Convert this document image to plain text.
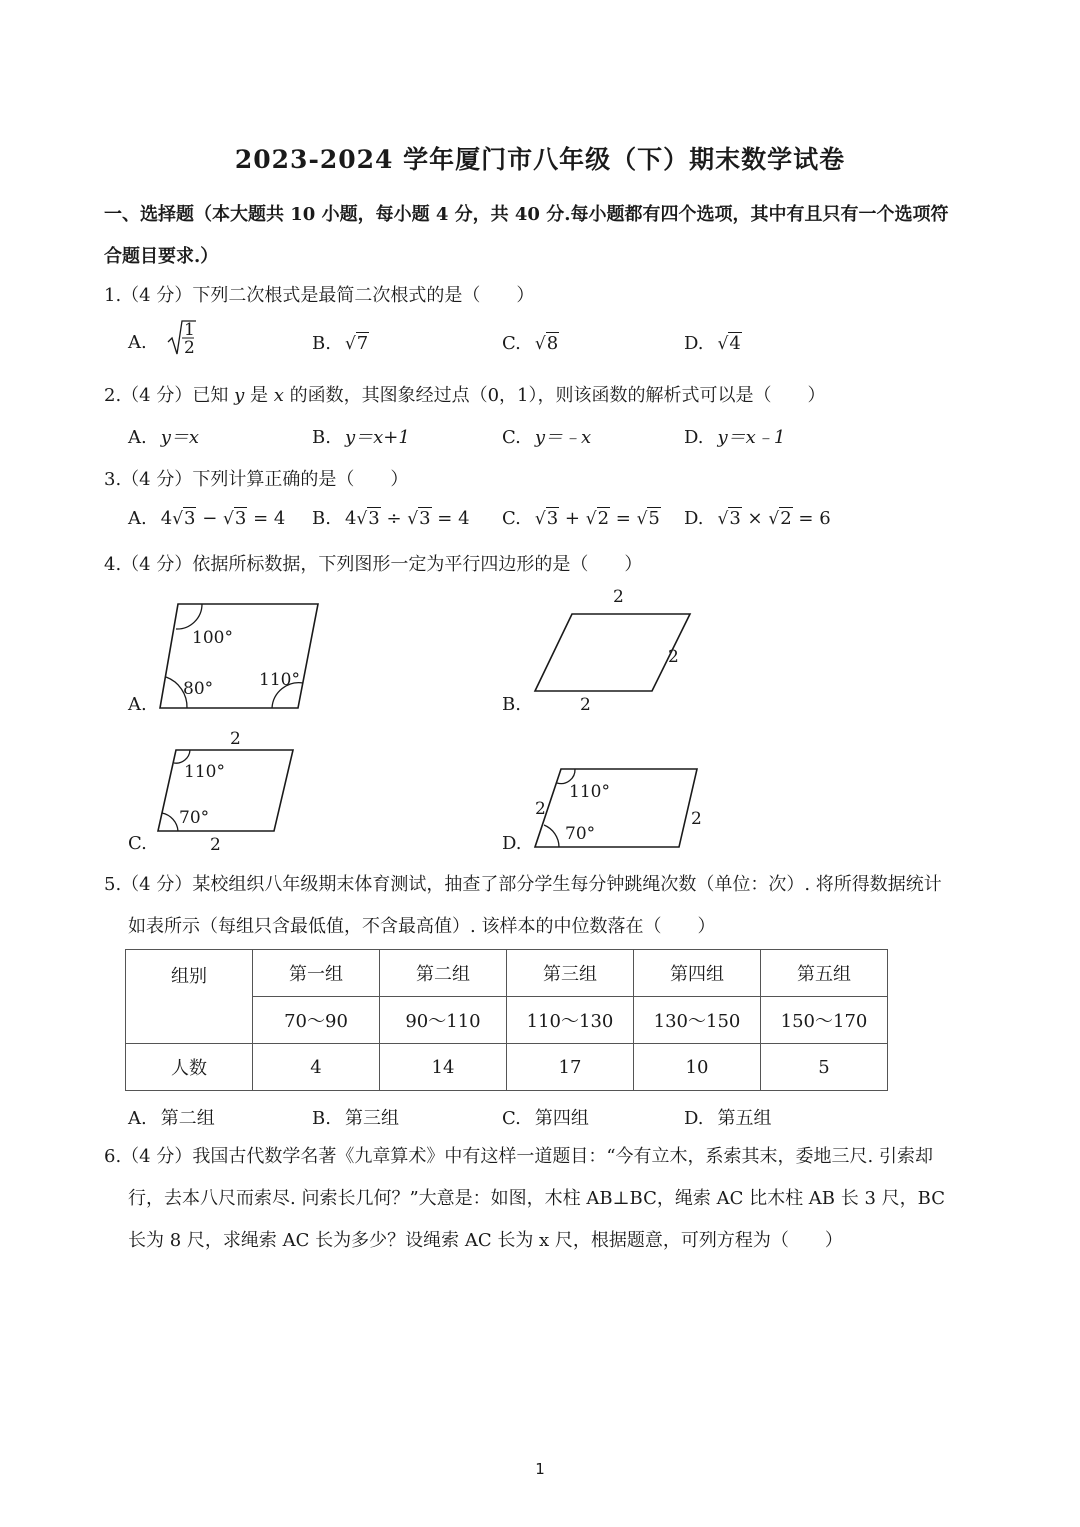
2023-2024 学年厦门市八年级（下）期末数学试卷
一、选择题（本大题共 10 小题，每小题 4 分，共 40 分.每小题都有四个选项，其中有且只有一个选项符
合题目要求.）
1.（4 分）下列二次根式是最简二次根式的是（　　）
A.
1
2	B. √7	C. √8	D. √4
2.（4 分）已知 y 是 x 的函数，其图象经过点（0，1），则该函数的解析式可以是（　　）
A. y＝x	B. y＝x+1	C. y＝﹣x	D. y＝x﹣1
3.（4 分）下列计算正确的是（　　）
A. 4√3 − √3 = 4 B. 4√3 ÷ √3 = 4 C. √3 + √2 = √5 D. √3 × √2 = 6
4.（4 分）依据所标数据，下列图形一定为平行四边形的是（　　）
A.
100°
80°	110°
B.
2
2
2
C.
2
110°
70°
2	D.
110°
2
70°
2
5.（4 分）某校组织八年级期末体育测试，抽查了部分学生每分钟跳绳次数（单位：次）. 将所得数据统计
如表所示（每组只含最低值，不含最高值）. 该样本的中位数落在（　　）
组别	第一组	第二组	第三组	第四组	第五组
	70～90	90～110	110～130	130～150	150～170
人数	4	14	17	10	5
A. 第二组	B. 第三组	C. 第四组	D. 第五组
6.（4 分）我国古代数学名著《九章算术》中有这样一道题目：“今有立木，系索其末，委地三尺. 引索却
行，去本八尺而索尽. 问索长几何？”大意是：如图，木柱 AB⊥BC，绳索 AC 比木柱 AB 长 3 尺，BC
长为 8 尺，求绳索 AC 长为多少？设绳索 AC 长为 x 尺，根据题意，可列方程为（　　）
1
